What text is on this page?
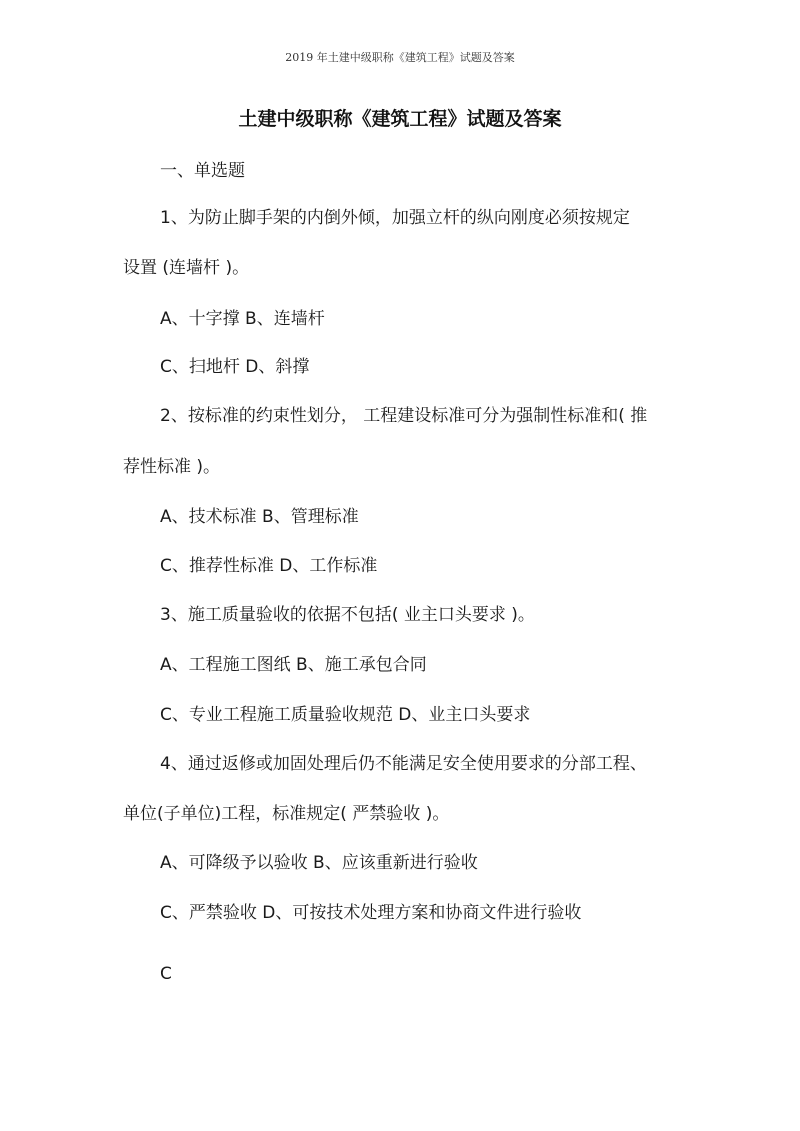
2019 年土建中级职称《建筑工程》试题及答案
土建中级职称《建筑工程》试题及答案
一、单选题
1、为防止脚手架的内倒外倾，加强立杆的纵向刚度必须按规定
设置 (连墙杆 )。
A、十字撑 B、连墙杆
C、扫地杆 D、斜撑
2、按标准的约束性划分， 工程建设标准可分为强制性标准和( 推
荐性标准 )。
A、技术标准 B、管理标准
C、推荐性标准 D、工作标准
3、施工质量验收的依据不包括( 业主口头要求 )。
A、工程施工图纸 B、施工承包合同
C、专业工程施工质量验收规范 D、业主口头要求
4、通过返修或加固处理后仍不能满足安全使用要求的分部工程、
单位(子单位)工程，标准规定( 严禁验收 )。
A、可降级予以验收 B、应该重新进行验收
C、严禁验收 D、可按技术处理方案和协商文件进行验收
C
